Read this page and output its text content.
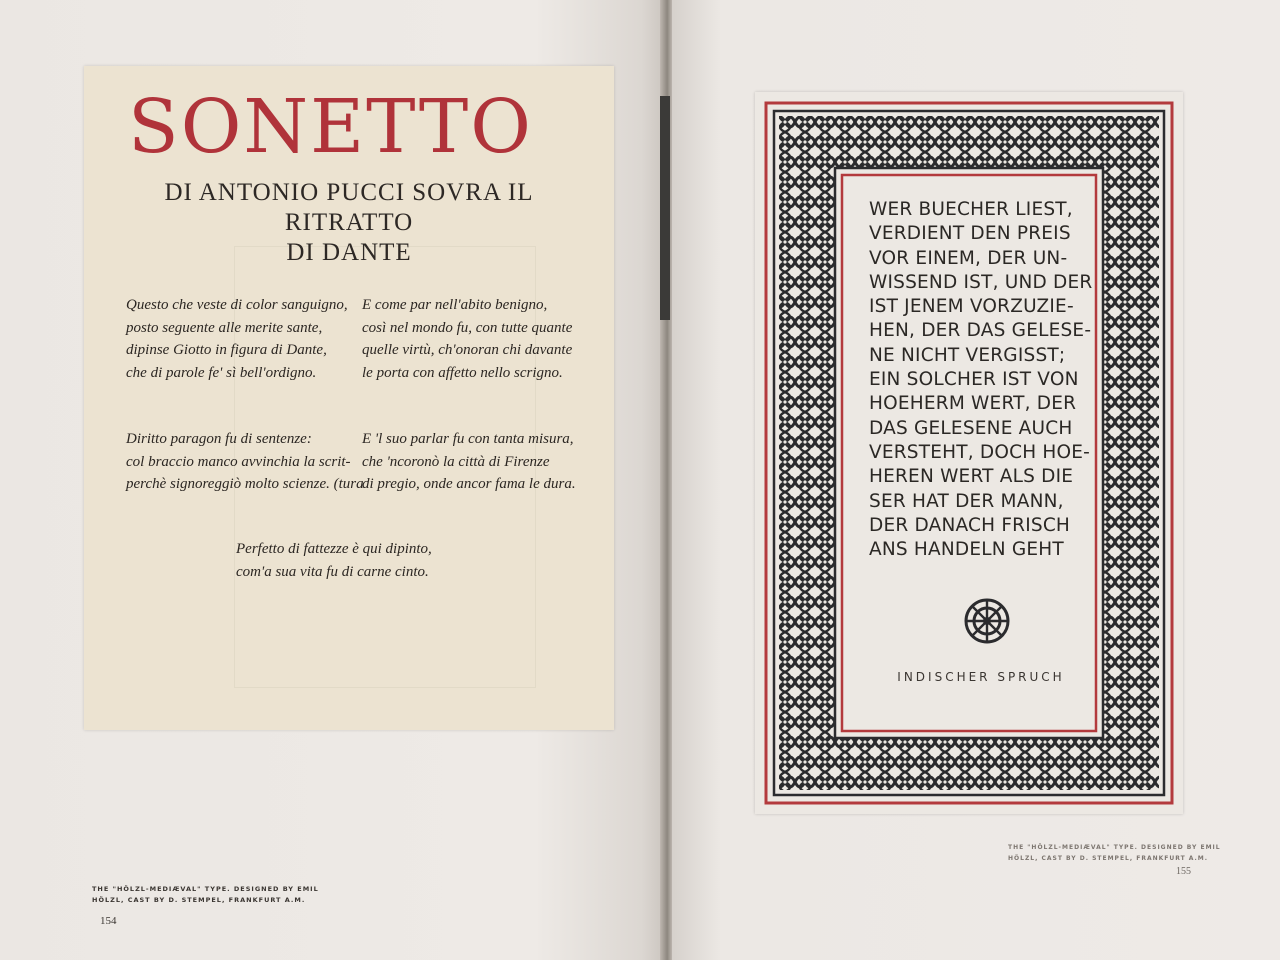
SONETTO
DI ANTONIO PUCCI SOVRA IL RITRATTO
DI DANTE
Questo che veste di color sanguigno,
posto seguente alle merite sante,
dipinse Giotto in figura di Dante,
che di parole fe' sì bell'ordigno.
E come par nell'abito benigno,
così nel mondo fu, con tutte quante
quelle virtù, ch'onoran chi davante
le porta con affetto nello scrigno.
Diritto paragon fu di sentenze:
col braccio manco avvinchia la scrit-
perchè signoreggiò molto scienze. (tura
E 'l suo parlar fu con tanta misura,
che 'ncoronò la città di Firenze
di pregio, onde ancor fama le dura.
Perfetto di fattezze è qui dipinto,
com'a sua vita fu di carne cinto.
THE "HÖLZL-MEDIÆVAL" TYPE. DESIGNED BY EMIL
HÖLZL, CAST BY D. STEMPEL, FRANKFURT A.M.
154
THE "HÖLZL-MEDIÆVAL" TYPE. DESIGNED BY EMIL
HÖLZL, CAST BY D. STEMPEL, FRANKFURT A.M.
155
WER BUECHER LIEST,
VERDIENT DEN PREIS
VOR EINEM, DER UN-
WISSEND IST, UND DER
IST JENEM VORZUZIE-
HEN, DER DAS GELESE-
NE NICHT VERGISST;
EIN SOLCHER IST VON
HOEHERM WERT, DER
DAS GELESENE AUCH
VERSTEHT, DOCH HOE-
HEREN WERT ALS DIE
SER HAT DER MANN,
DER DANACH FRISCH
ANS HANDELN GEHT
INDISCHER SPRUCH
